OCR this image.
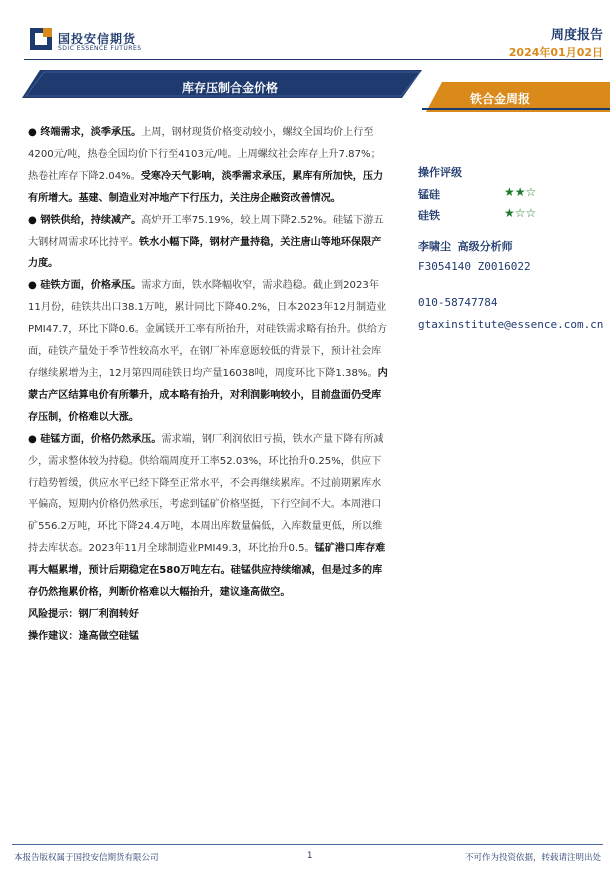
国投安信期货
SDIC ESSENCE FUTURES
周度报告
2024年01月02日
库存压制合金价格
铁合金周报

● 终端需求，淡季承压。上周，钢材现货价格变动较小，螺纹全国均价上行至4200元/吨，热卷全国均价下行至4103元/吨。上周螺纹社会库存上升7.87%；热卷社库存下降2.04%。受寒冷天气影响，淡季需求承压，累库有所加快，压力有所增大。基建、制造业对冲地产下行压力，关注房企融资改善情况。

● 钢铁供给，持续减产。高炉开工率75.19%，较上周下降2.52%。硅锰下游五大钢材周需求环比持平。铁水小幅下降，钢材产量持稳，关注唐山等地环保限产力度。

● 硅铁方面，价格承压。需求方面，铁水降幅收窄，需求趋稳。截止到2023年11月份，硅铁共出口38.1万吨，累计同比下降40.2%，日本2023年12月制造业PMI47.7，环比下降0.6。金属镁开工率有所抬升，对硅铁需求略有抬升。供给方面，硅铁产量处于季节性较高水平，在钢厂补库意愿较低的背景下，预计社会库存继续累增为主，12月第四周硅铁日均产量16038吨，周度环比下降1.38%。内蒙古产区结算电价有所攀升，成本略有抬升，对利润影响较小，目前盘面仍受库存压制，价格难以大涨。

● 硅锰方面，价格仍然承压。需求端，钢厂利润依旧亏损，铁水产量下降有所减少，需求整体较为持稳。供给端周度开工率52.03%，环比抬升0.25%，供应下行趋势暂缓，供应水平已经下降至正常水平，不会再继续累库。不过前期累库水平偏高，短期内价格仍然承压，考虑到锰矿价格坚挺，下行空间不大。本周港口矿556.2万吨，环比下降24.4万吨，本周出库数量偏低，入库数量更低，所以维持去库状态。2023年11月全球制造业PMI49.3，环比抬升0.5。锰矿港口库存难再大幅累增，预计后期稳定在580万吨左右。硅锰供应持续缩减，但是过多的库存仍然拖累价格，判断价格难以大幅抬升，建议逢高做空。

风险提示：钢厂利润转好

操作建议：逢高做空硅锰

操作评级
锰硅	★★☆
硅铁	★☆☆
李啸尘 高级分析师
F3054140 Z0016022
010-58747784
gtaxinstitute@essence.com.cn
本报告版权属于国投安信期货有限公司	1	不可作为投资依据，转载请注明出处
